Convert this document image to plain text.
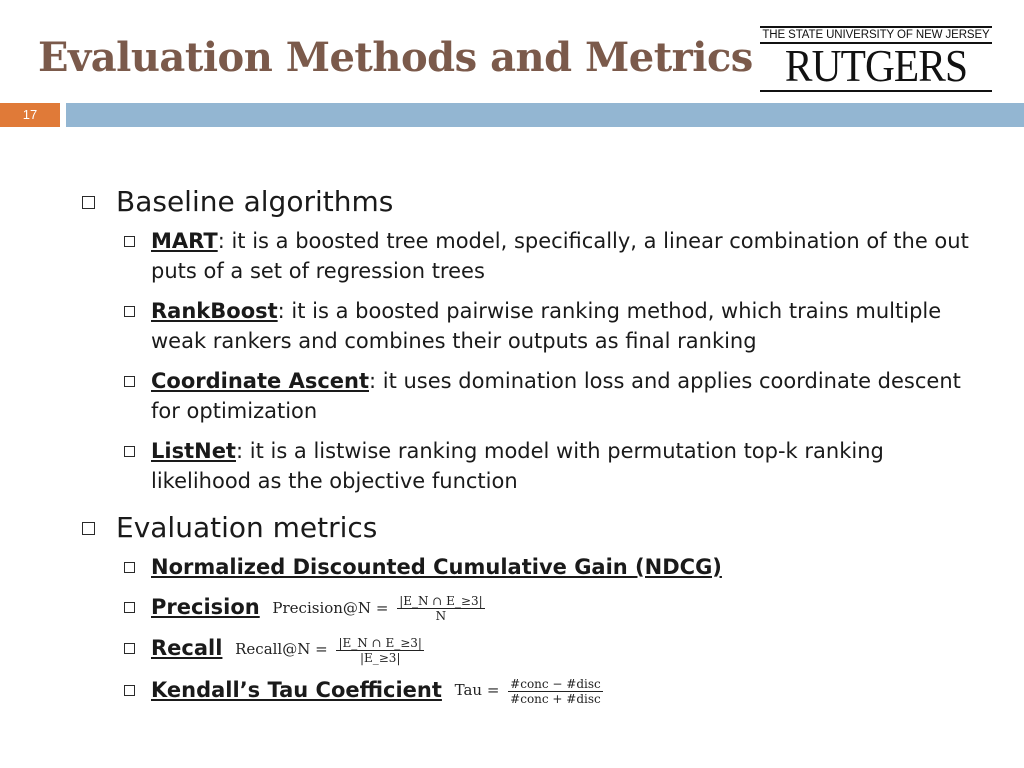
Evaluation Methods and Metrics THE STATE UNIVERSITY OF NEW JERSEY
RUTGERS
17
Baseline algorithms
MART: it is a boosted tree model, specifically, a linear combination of the out puts of a set of regression trees
RankBoost: it is a boosted pairwise ranking method, which trains multiple weak rankers and combines their outputs as final ranking
Coordinate Ascent: it uses domination loss and applies coordinate descent for optimization
ListNet: it is a listwise ranking model with permutation top-k ranking likelihood as the objective function
Evaluation metrics
Normalized Discounted Cumulative Gain (NDCG)
Precision Precision@N = $\frac{|E\_N \cap E\_\ge 3|}{N}$
Recall Recall@N = $\frac{|E\_N \cap E\_\ge 3|}{|E\_\ge 3|}$
Kendall’s Tau Coefficient Tau = $\frac{\text{\#conc − \#disc}}{\text{\#conc + \#disc}}$
